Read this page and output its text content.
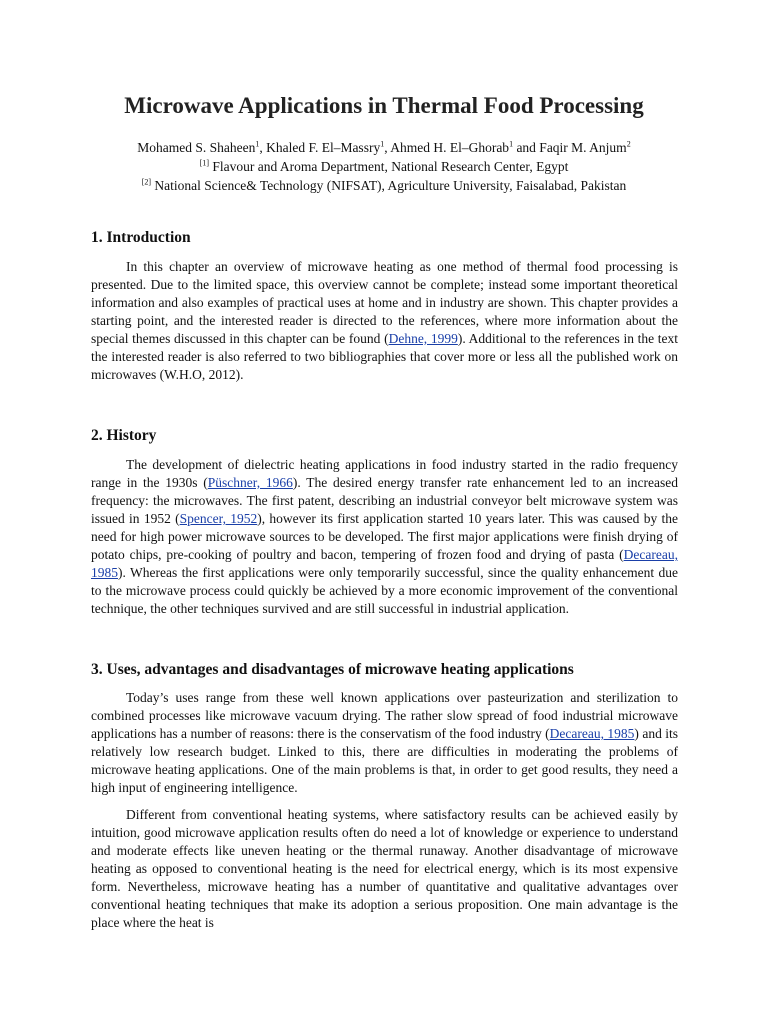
Microwave Applications in Thermal Food Processing
Mohamed S. Shaheen$^1$, Khaled F. El–Massry$^1$, Ahmed H. El–Ghorab$^1$ and Faqir M. Anjum$^2$
[1] Flavour and Aroma Department, National Research Center, Egypt
[2] National Science& Technology (NIFSAT), Agriculture University, Faisalabad, Pakistan
1. Introduction
In this chapter an overview of microwave heating as one method of thermal food processing is presented. Due to the limited space, this overview cannot be complete; instead some important theoretical information and also examples of practical uses at home and in industry are shown. This chapter provides a starting point, and the interested reader is directed to the references, where more information about the special themes discussed in this chapter can be found (Dehne, 1999). Additional to the references in the text the interested reader is also referred to two bibliographies that cover more or less all the published work on microwaves (W.H.O, 2012).
2. History
The development of dielectric heating applications in food industry started in the radio frequency range in the 1930s (Püschner, 1966). The desired energy transfer rate enhancement led to an increased frequency: the microwaves. The first patent, describing an industrial conveyor belt microwave system was issued in 1952 (Spencer, 1952), however its first application started 10 years later. This was caused by the need for high power microwave sources to be developed. The first major applications were finish drying of potato chips, pre-cooking of poultry and bacon, tempering of frozen food and drying of pasta (Decareau, 1985). Whereas the first applications were only temporarily successful, since the quality enhancement due to the microwave process could quickly be achieved by a more economic improvement of the conventional technique, the other techniques survived and are still successful in industrial application.
3. Uses, advantages and disadvantages of microwave heating applications
Today’s uses range from these well known applications over pasteurization and sterilization to combined processes like microwave vacuum drying. The rather slow spread of food industrial microwave applications has a number of reasons: there is the conservatism of the food industry (Decareau, 1985) and its relatively low research budget. Linked to this, there are difficulties in moderating the problems of microwave heating applications. One of the main problems is that, in order to get good results, they need a high input of engineering intelligence.
Different from conventional heating systems, where satisfactory results can be achieved easily by intuition, good microwave application results often do need a lot of knowledge or experience to understand and moderate effects like uneven heating or the thermal runaway. Another disadvantage of microwave heating as opposed to conventional heating is the need for electrical energy, which is its most expensive form. Nevertheless, microwave heating has a number of quantitative and qualitative advantages over conventional heating techniques that make its adoption a serious proposition. One main advantage is the place where the heat is
